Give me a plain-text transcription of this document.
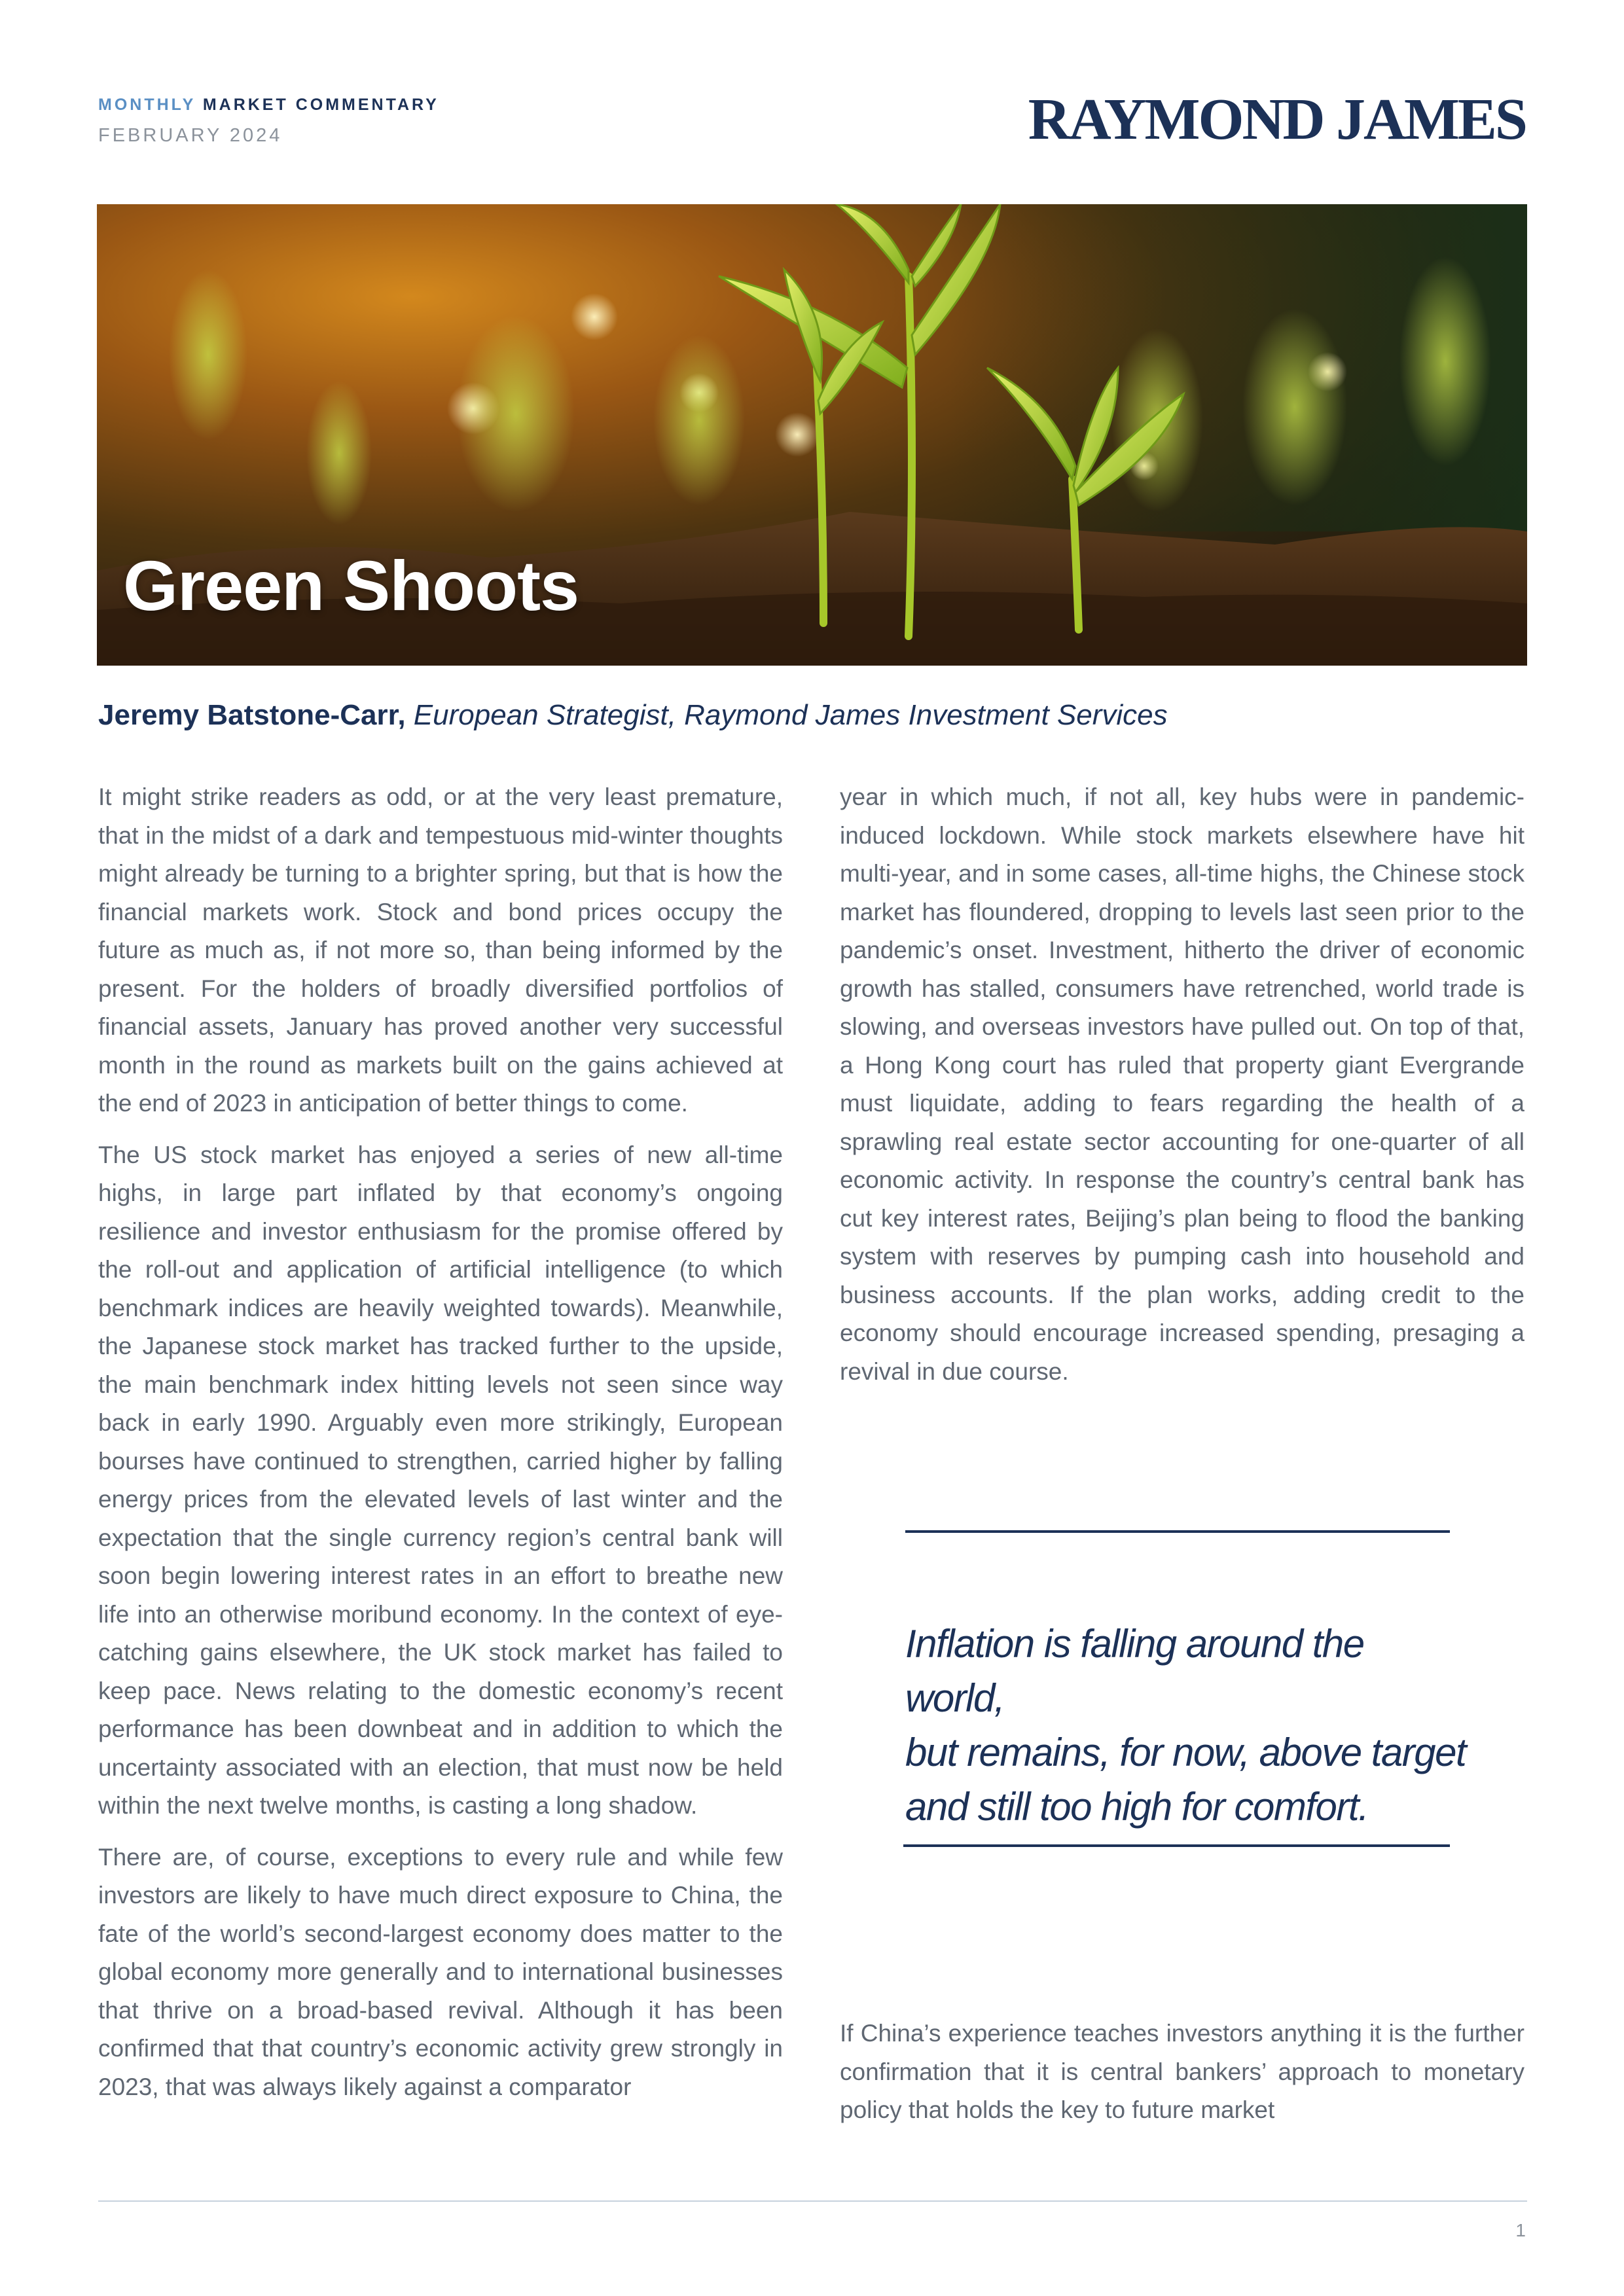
MONTHLY MARKET COMMENTARY
FEBRUARY 2024	RAYMOND JAMES
Green Shoots
Jeremy Batstone-Carr, European Strategist, Raymond James Investment Services

It might strike readers as odd, or at the very least premature, that in the midst of a dark and tempestuous mid-winter thoughts might already be turning to a brighter spring, but that is how the financial markets work. Stock and bond prices occupy the future as much as, if not more so, than being informed by the present. For the holders of broadly diversified portfolios of financial assets, January has proved another very successful month in the round as markets built on the gains achieved at the end of 2023 in anticipation of better things to come.

The US stock market has enjoyed a series of new all-time highs, in large part inflated by that economy’s ongoing resilience and investor enthusiasm for the promise offered by the roll-out and application of artificial intelligence (to which benchmark indices are heavily weighted towards). Meanwhile, the Japanese stock market has tracked further to the upside, the main benchmark index hitting levels not seen since way back in early 1990. Arguably even more strikingly, European bourses have continued to strengthen, carried higher by falling energy prices from the elevated levels of last winter and the expectation that the single currency region’s central bank will soon begin lowering interest rates in an effort to breathe new life into an otherwise moribund economy. In the context of eye-catching gains elsewhere, the UK stock market has failed to keep pace. News relating to the domestic economy’s recent performance has been downbeat and in addition to which the uncertainty associated with an election, that must now be held within the next twelve months, is casting a long shadow.

There are, of course, exceptions to every rule and while few investors are likely to have much direct exposure to China, the fate of the world’s second-largest economy does matter to the global economy more generally and to international businesses that thrive on a broad-based revival. Although it has been confirmed that that country’s economic activity grew strongly in 2023, that was always likely against a comparator

year in which much, if not all, key hubs were in pandemic-induced lockdown. While stock markets elsewhere have hit multi-year, and in some cases, all-time highs, the Chinese stock market has floundered, dropping to levels last seen prior to the pandemic’s onset. Investment, hitherto the driver of economic growth has stalled, consumers have retrenched, world trade is slowing, and overseas investors have pulled out. On top of that, a Hong Kong court has ruled that property giant Evergrande must liquidate, adding to fears regarding the health of a sprawling real estate sector accounting for one-quarter of all economic activity. In response the country’s central bank has cut key interest rates, Beijing’s plan being to flood the banking system with reserves by pumping cash into household and business accounts. If the plan works, adding credit to the economy should encourage increased spending, presaging a revival in due course.

Inflation is falling around the world,
but remains, for now, above target
and still too high for comfort.

If China’s experience teaches investors anything it is the further confirmation that it is central bankers’ approach to monetary policy that holds the key to future market

1
